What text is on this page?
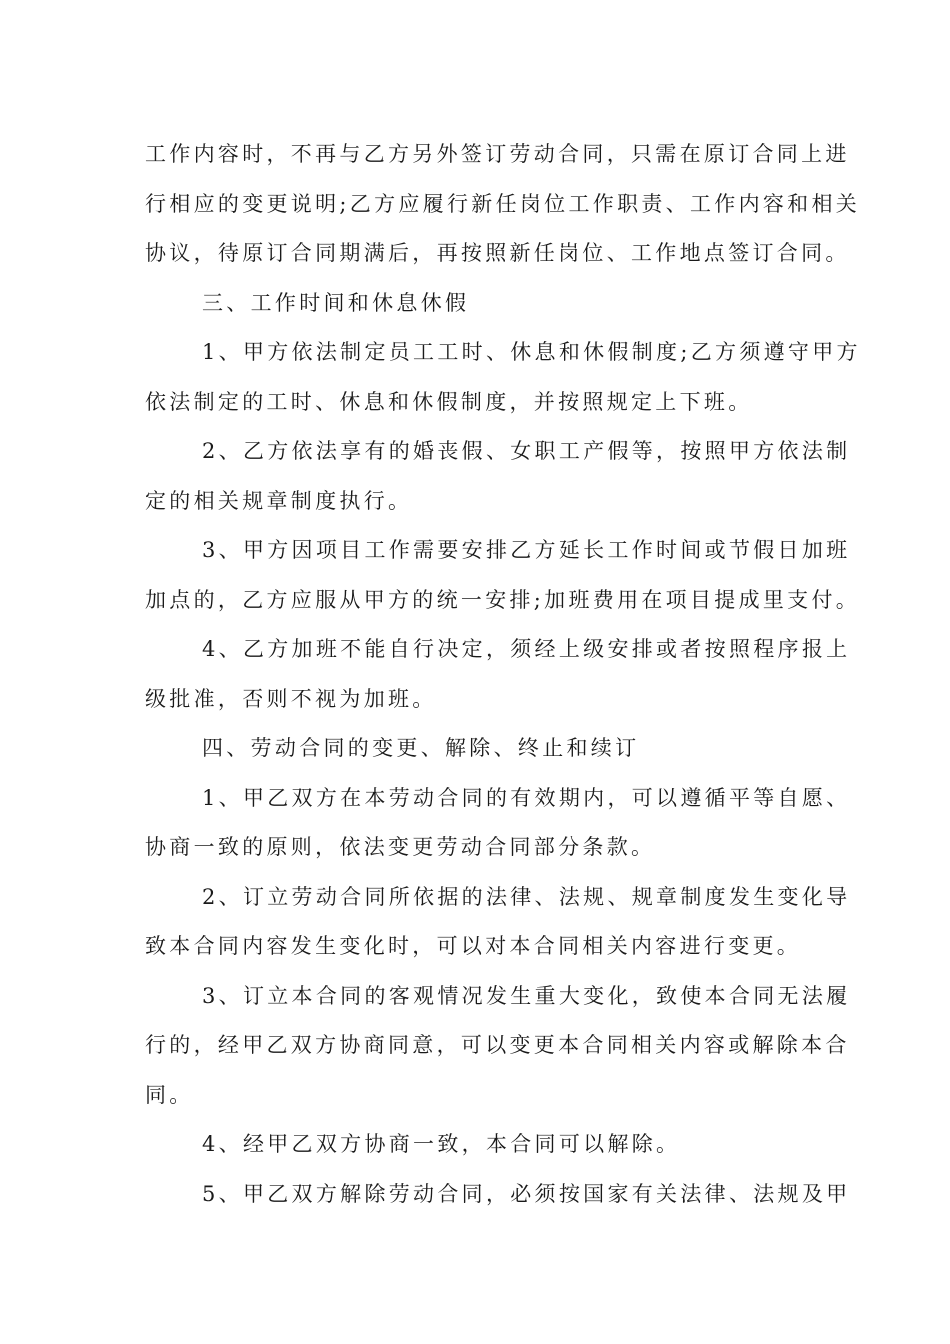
工作内容时，不再与乙方另外签订劳动合同，只需在原订合同上进
行相应的变更说明;乙方应履行新任岗位工作职责、工作内容和相关
协议，待原订合同期满后，再按照新任岗位、工作地点签订合同。

三、工作时间和休息休假

1、甲方依法制定员工工时、休息和休假制度;乙方须遵守甲方
依法制定的工时、休息和休假制度，并按照规定上下班。

2、乙方依法享有的婚丧假、女职工产假等，按照甲方依法制
定的相关规章制度执行。

3、甲方因项目工作需要安排乙方延长工作时间或节假日加班
加点的，乙方应服从甲方的统一安排;加班费用在项目提成里支付。

4、乙方加班不能自行决定，须经上级安排或者按照程序报上
级批准，否则不视为加班。

四、劳动合同的变更、解除、终止和续订

1、甲乙双方在本劳动合同的有效期内，可以遵循平等自愿、
协商一致的原则，依法变更劳动合同部分条款。

2、订立劳动合同所依据的法律、法规、规章制度发生变化导
致本合同内容发生变化时，可以对本合同相关内容进行变更。

3、订立本合同的客观情况发生重大变化，致使本合同无法履
行的，经甲乙双方协商同意，可以变更本合同相关内容或解除本合
同。

4、经甲乙双方协商一致，本合同可以解除。

5、甲乙双方解除劳动合同，必须按国家有关法律、法规及甲
